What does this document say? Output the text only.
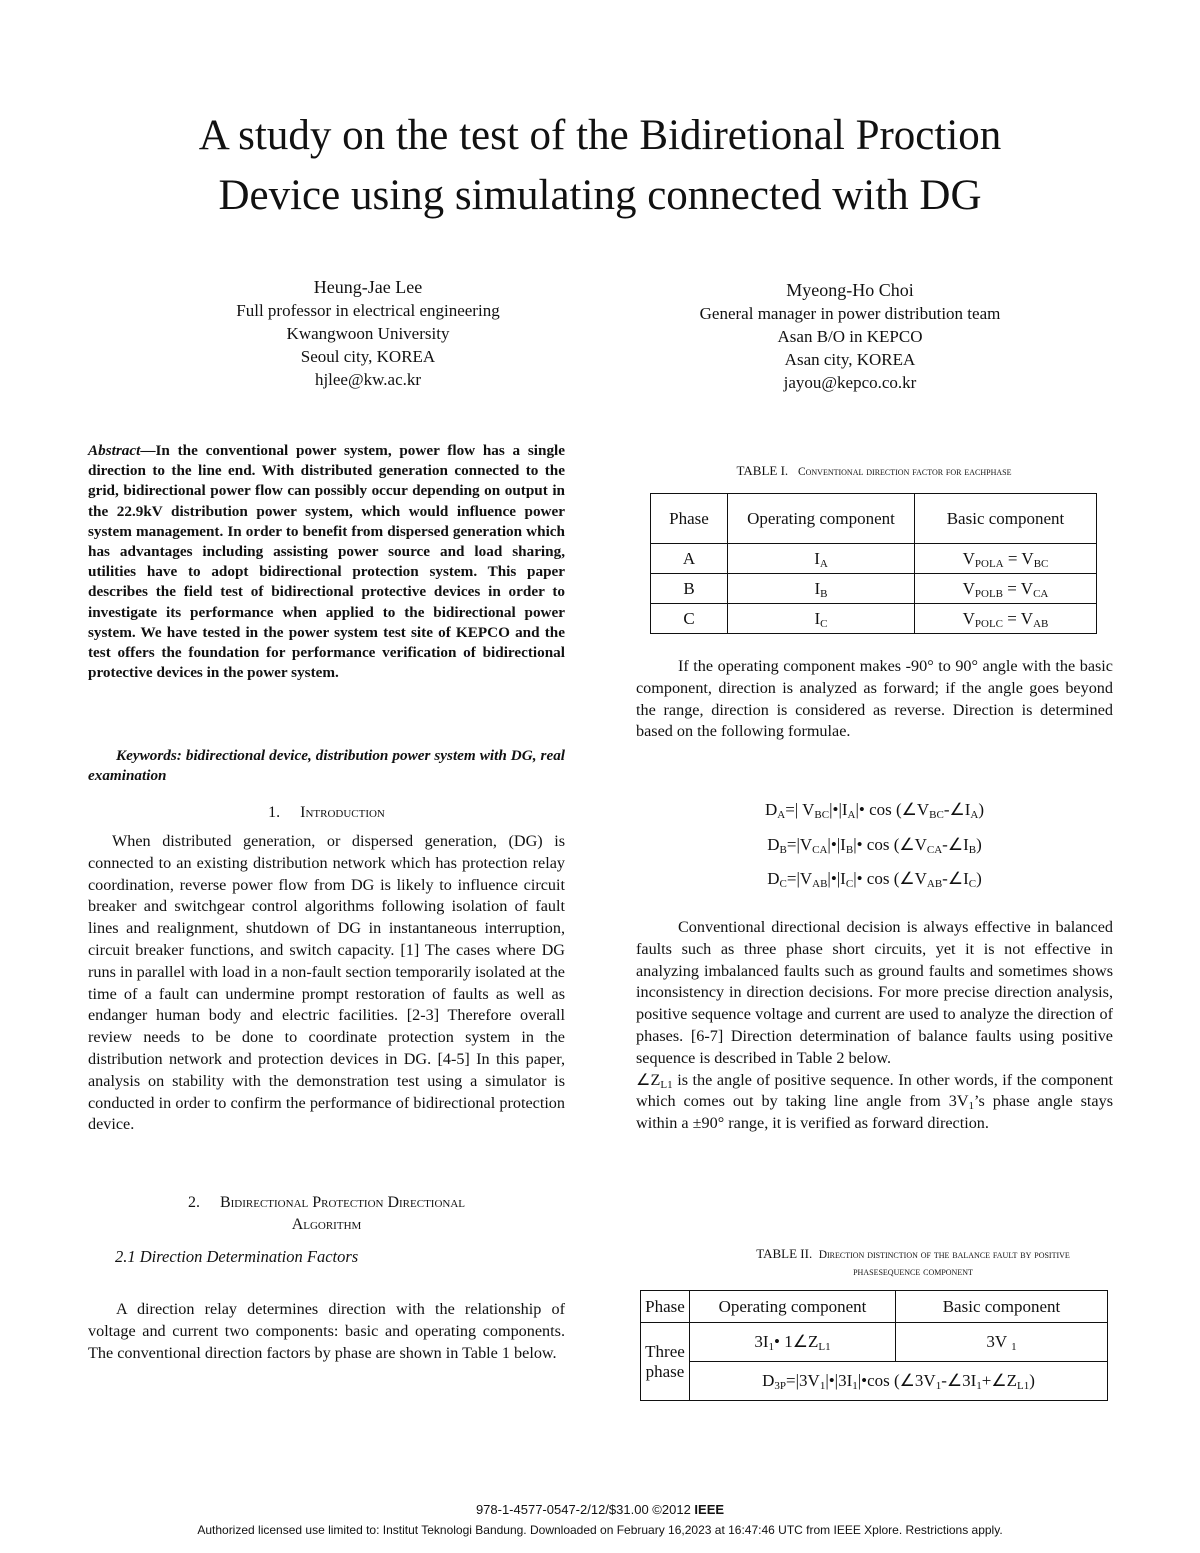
A study on the test of the Bidiretional Proction
Device using simulating connected with DG
Heung-Jae Lee
Full professor in electrical engineering
Kwangwoon University
Seoul city, KOREA
hjlee@kw.ac.kr
Myeong-Ho Choi
General manager in power distribution team
Asan B/O in KEPCO
Asan city, KOREA
jayou@kepco.co.kr
Abstract—In the conventional power system, power flow has a single direction to the line end. With distributed generation connected to the grid, bidirectional power flow can possibly occur depending on output in the 22.9kV distribution power system, which would influence power system management. In order to benefit from dispersed generation which has advantages including assisting power source and load sharing, utilities have to adopt bidirectional protection system. This paper describes the field test of bidirectional protective devices in order to investigate its performance when applied to the bidirectional power system. We have tested in the power system test site of KEPCO and the test offers the foundation for performance verification of bidirectional protective devices in the power system.
Keywords: bidirectional device, distribution power system with DG, real examination
1. Introduction
When distributed generation, or dispersed generation, (DG) is connected to an existing distribution network which has protection relay coordination, reverse power flow from DG is likely to influence circuit breaker and switchgear control algorithms following isolation of fault lines and realignment, shutdown of DG in instantaneous interruption, circuit breaker functions, and switch capacity. [1] The cases where DG runs in parallel with load in a non-fault section temporarily isolated at the time of a fault can undermine prompt restoration of faults as well as endanger human body and electric facilities. [2-3] Therefore overall review needs to be done to coordinate protection system in the distribution network and protection devices in DG. [4-5] In this paper, analysis on stability with the demonstration test using a simulator is conducted in order to confirm the performance of bidirectional protection device.
2. Bidirectional Protection Directional
Algorithm
2.1 Direction Determination Factors
A direction relay determines direction with the relationship of voltage and current two components: basic and operating components. The conventional direction factors by phase are shown in Table 1 below.
TABLE I. Conventional direction factor for eachphase
Phase	Operating component	Basic component
A	$I_A$	$V_{POLA} = V_{BC}$
B	$I_B$	$V_{POLB} = V_{CA}$
C	$I_C$	$V_{POLC} = V_{AB}$
If the operating component makes -90° to 90° angle with the basic component, direction is analyzed as forward; if the angle goes beyond the range, direction is considered as reverse. Direction is determined based on the following formulae.
$D_A=|$ $V_{BC}|•|I_A|•$ $\cos (\angle V_{BC}-\angle I_A)$
$D_B=|V_{CA}|•|I_B|•$ $\cos (\angle V_{CA}-\angle I_B)$
$D_C=|V_{AB}|•|I_C|•$ $\cos (\angle V_{AB}-\angle I_C)$
Conventional directional decision is always effective in balanced faults such as three phase short circuits, yet it is not effective in analyzing imbalanced faults such as ground faults and sometimes shows inconsistency in direction decisions. For more precise direction analysis, positive sequence voltage and current are used to analyze the direction of phases. [6-7] Direction determination of balance faults using positive sequence is described in Table 2 below.
$\angle Z_{L1}$ is the angle of positive sequence. In other words, if the component which comes out by taking line angle from $3V_1’s$ phase angle stays within a ±90° range, it is verified as forward direction.
TABLE II. Direction distinction of the balance fault by positive
phasesequence component
Phase	Operating component	Basic component
Three phase	$3I_1•$ $1\angle Z_{L1}$	3V $_1$
	$D_{3P}=|3V_1|•|3I_1|•\cos$ $(\angle 3V_1-\angle 3I_1+\angle Z_{L1})$	
978-1-4577-0547-2/12/$31.00 ©2012 IEEE
Authorized licensed use limited to: Institut Teknologi Bandung. Downloaded on February 16,2023 at 16:47:46 UTC from IEEE Xplore. Restrictions apply.
